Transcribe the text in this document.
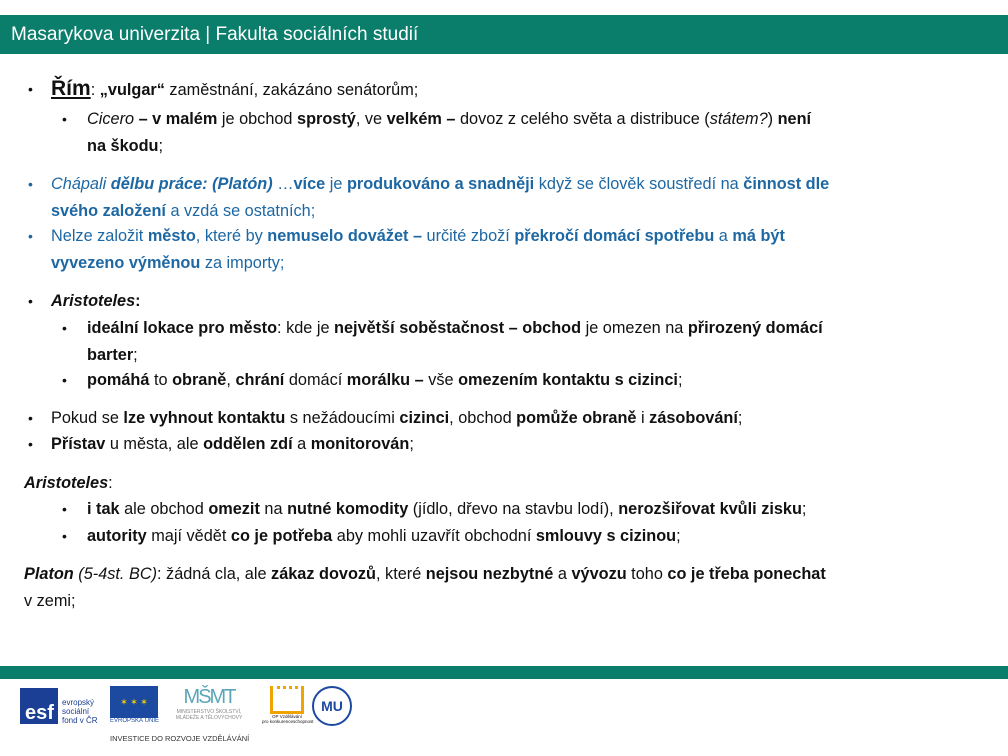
Masarykova univerzita | Fakulta sociálních studií
• Řím: „vulgar“ zaměstnání, zakázáno senátorům;
• Cicero – v malém je obchod sprostý, ve velkém – dovoz z celého světa a distribuce (státem?) není
na škodu;
• Chápali dělbu práce: (Platón) …více je produkováno a snadněji když se člověk soustředí na činnost dle
svého založení a vzdá se ostatních;
• Nelze založit město, které by nemuselo dovážet – určité zboží překročí domácí spotřebu a má být
vyvezeno výměnou za importy;
• Aristoteles:
• ideální lokace pro město: kde je největší soběstačnost – obchod je omezen na přirozený domácí
barter;
• pomáhá to obraně, chrání domácí morálku – vše omezením kontaktu s cizinci;
• Pokud se lze vyhnout kontaktu s nežádoucími cizinci, obchod pomůže obraně i zásobování;
• Přístav u města, ale oddělen zdí a monitorován;
Aristoteles:
• i tak ale obchod omezit na nutné komodity (jídlo, dřevo na stavbu lodí), nerozšiřovat kvůli zisku;
• autority mají vědět co je potřeba aby mohli uzavřít obchodní smlouvy s cizinou;
Platon (5-4st. BC): žádná cla, ale zákaz dovozů, které nejsou nezbytné a vývozu toho co je třeba ponechat
v zemi;
esf evropský
sociální
fond v ČR
✶ ✶ ✶
EVROPSKÁ UNIE
MŠMT
MINISTERSTVO ŠKOLSTVÍ,
MLÁDEŽE A TĚLOVÝCHOVY	OP Vzdělávání
pro konkurenceschopnost
MU
INVESTICE DO ROZVOJE VZDĚLÁVÁNÍ
